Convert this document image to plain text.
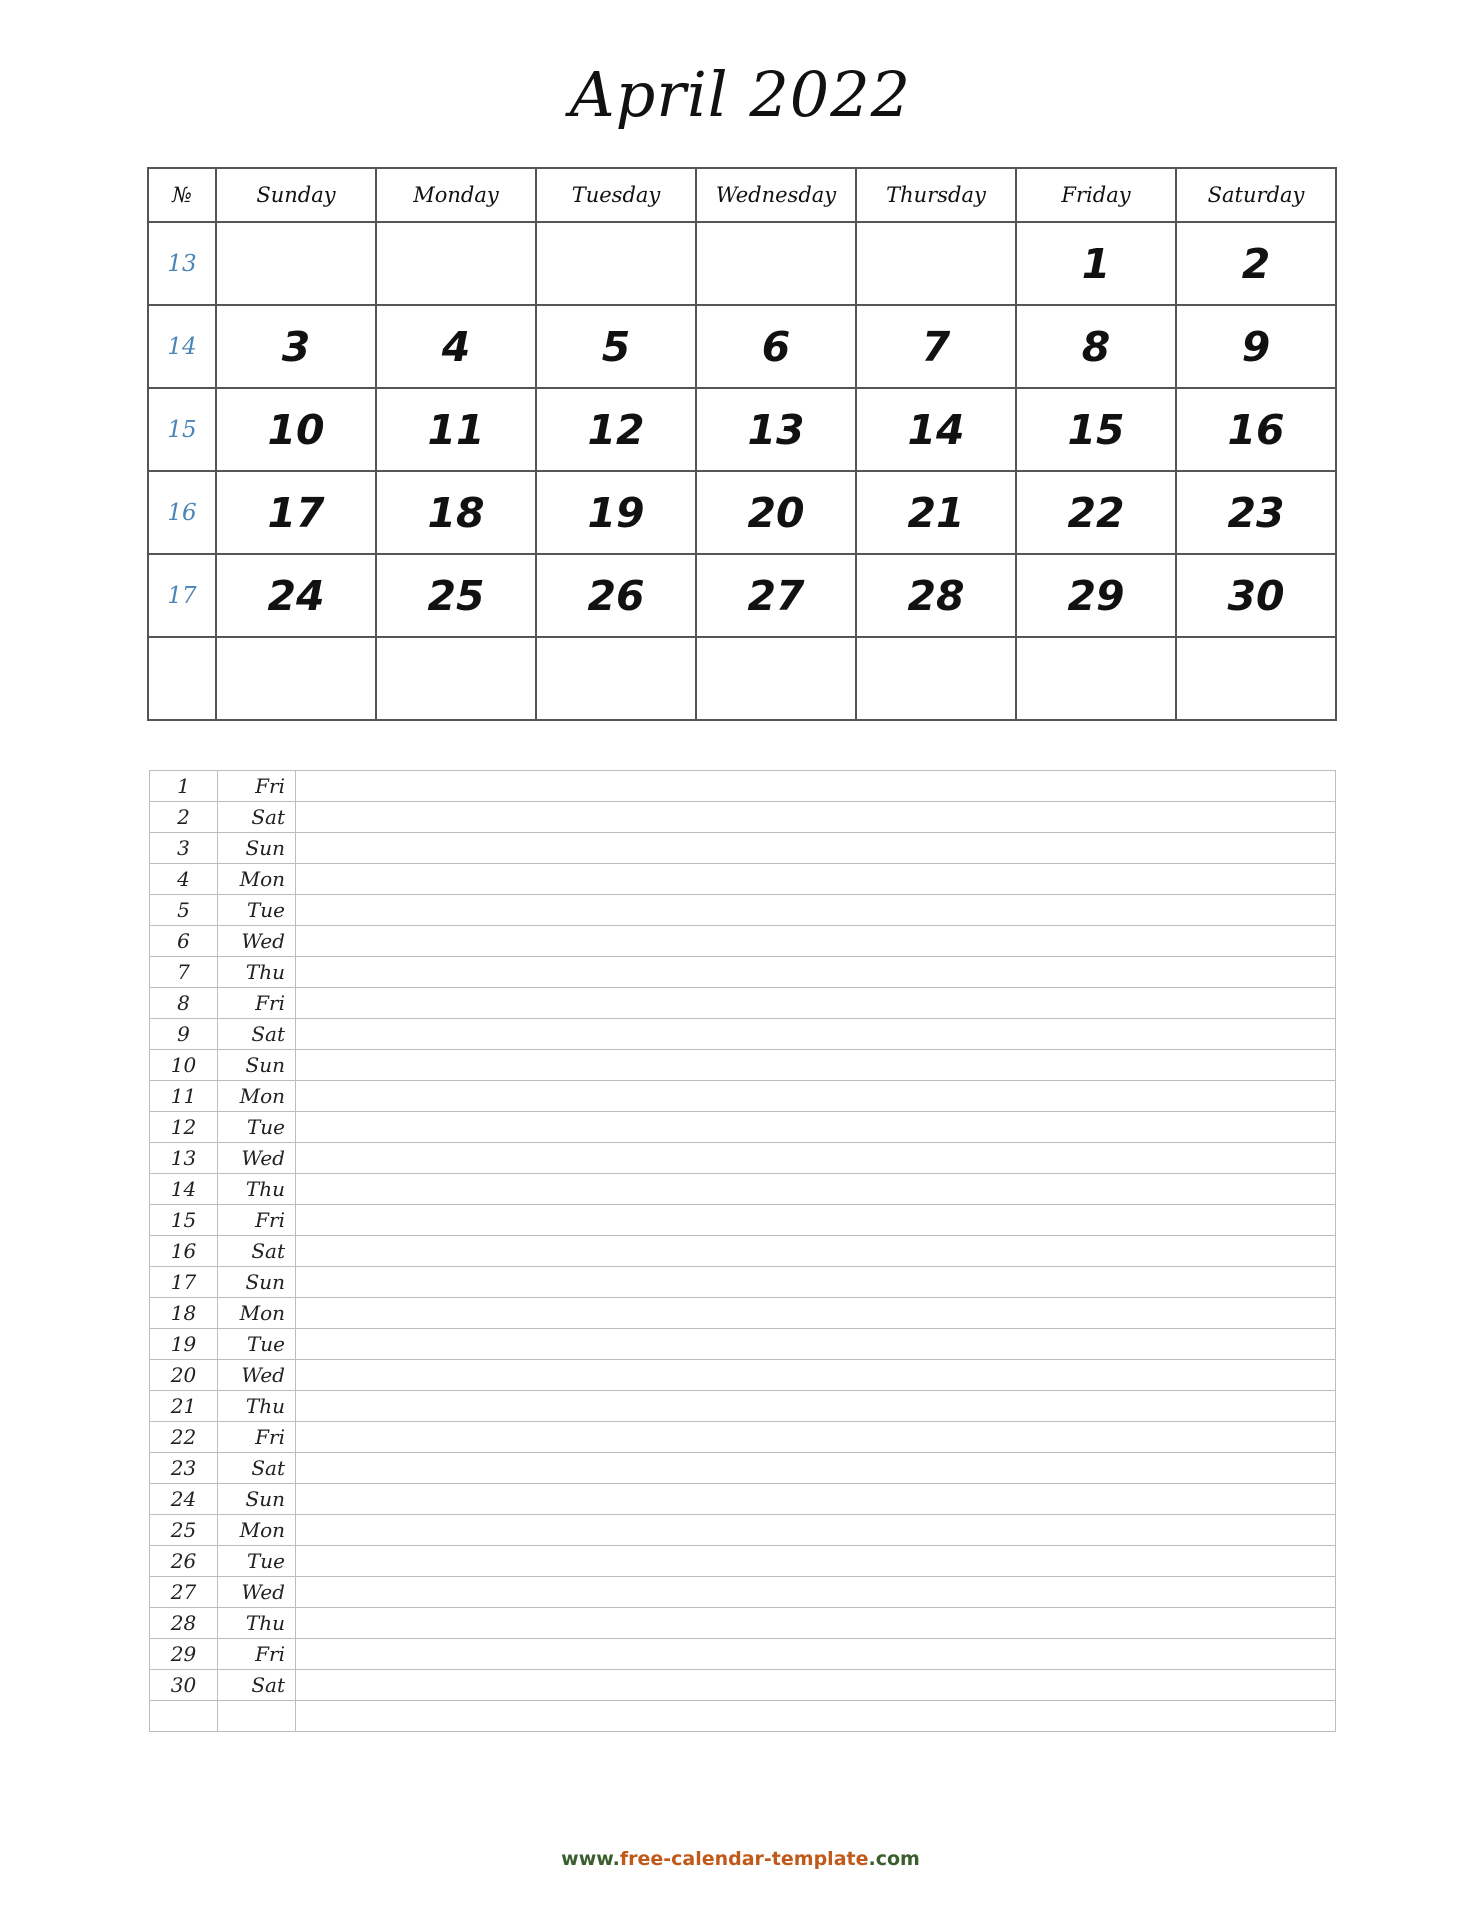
April 2022
№	Sunday	Monday	Tuesday	Wednesday	Thursday	Friday	Saturday
13						1	2
14	3	4	5	6	7	8	9
15	10	11	12	13	14	15	16
16	17	18	19	20	21	22	23
17	24	25	26	27	28	29	30

1	Fri	
2	Sat	
3	Sun	
4	Mon	
5	Tue	
6	Wed	
7	Thu	
8	Fri	
9	Sat	
10	Sun	
11	Mon	
12	Tue	
13	Wed	
14	Thu	
15	Fri	
16	Sat	
17	Sun	
18	Mon	
19	Tue	
20	Wed	
21	Thu	
22	Fri	
23	Sat	
24	Sun	
25	Mon	
26	Tue	
27	Wed	
28	Thu	
29	Fri	
30	Sat	

www.free-calendar-template.com
